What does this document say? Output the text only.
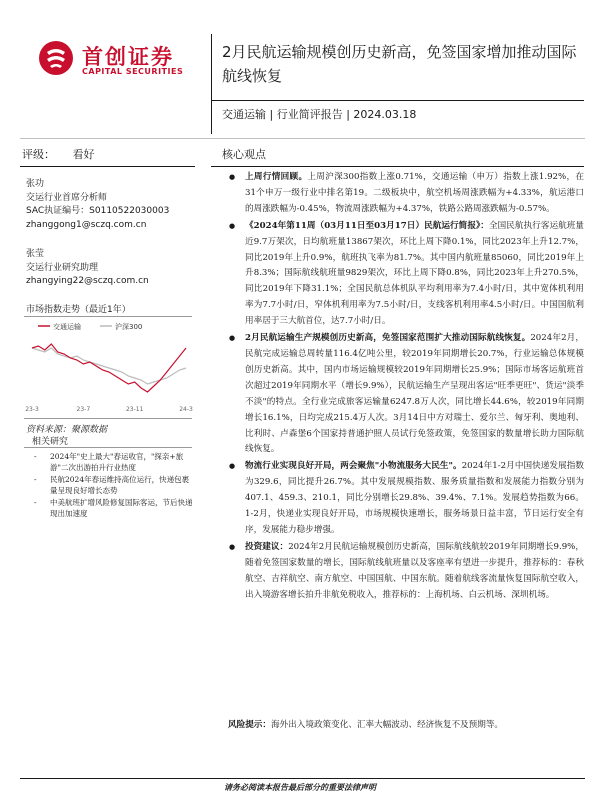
首创证券
CAPITAL SECURITIES
2月民航运输规模创历史新高，免签国家增加推动国际航线恢复
交通运输 | 行业简评报告 | 2024.03.18
评级： 看好
张功
交运行业首席分析师
SAC执证编号：S0110522030003
zhanggong1@sczq.com.cn
张莹
交运行业研究助理
zhangying22@sczq.com.cn
市场指数走势（最近1年）
交通运输	沪深300
23-3	23-7	23-11	24-3
资料来源：聚源数据
相关研究
- 2024年"史上最大"春运收官，"探亲+旅游"二次出游拍升行业热度
- 民航2024年春运维持高位运行，快递包裹量呈现良好增长态势
- 中美航班扩增风险修复国际客运，节后快递现出加速度
核心观点
● 上周行情回顾。上周沪深300指数上涨0.71%，交通运输（申万）指数上涨1.92%，在31个申万一级行业中排名第19。二级板块中，航空机场周涨跌幅为+4.33%，航运港口的周涨跌幅为-0.45%，物流周涨跌幅为+4.37%，铁路公路周涨跌幅为-0.57%。
● 《2024年第11周（03月11日至03月17日）民航运行简报》：全国民航执行客运航班量近9.7万架次，日均航班量13867架次，环比上周下降0.1%，同比2023年上升12.7%，同比2019年上升0.9%，航班执飞率为81.7%。其中国内航班量85060，同比2019年上升8.3%；国际航线航班量9829架次，环比上周下降0.8%，同比2023年上升270.5%，同比2019年下降31.1%；全国民航总体机队平均利用率为7.4小时/日，其中宽体机利用率为7.7小时/日，窄体机利用率为7.5小时/日，支线客机利用率4.5小时/日。中国国航利用率居于三大航首位，达7.7小时/日。
● 2月民航运输生产规模创历史新高，免签国家范围扩大推动国际航线恢复。2024年2月，民航完成运输总周转量116.4亿吨公里，较2019年同期增长20.7%，行业运输总体规模创历史新高。其中，国内市场运输规模较2019年同期增长25.9%；国际市场客运航班首次超过2019年同期水平（增长9.9%），民航运输生产呈现出客运"旺季更旺"、货运"淡季不淡"的特点。全行业完成旅客运输量6247.8万人次，同比增长44.6%，较2019年同期增长16.1%，日均完成215.4万人次。3月14日中方对瑞士、爱尔兰、匈牙利、奥地利、比利时、卢森堡6个国家持普通护照人员试行免签政策，免签国家的数量增长助力国际航线恢复。
● 物流行业实现良好开局，两会聚焦"小物流服务大民生"。2024年1-2月中国快递发展指数为329.6，同比提升26.7%。其中发展规模指数、服务质量指数和发展能力指数分别为407.1、459.3、210.1，同比分别增长29.8%、39.4%、7.1%。发展趋势指数为66。1-2月，快递业实现良好开局，市场规模快速增长，服务场景日益丰富，节日运行安全有序，发展能力稳步增强。
● 投资建议：2024年2月民航运输规模创历史新高，国际航线航较2019年同期增长9.9%，随着免签国家数量的增长，国际航线航班量以及客座率有望进一步提升，推荐标的：春秋航空、吉祥航空、南方航空、中国国航、中国东航。随着航线客流量恢复国际航空收入，出入境游客增长拍升非航免税收入，推荐标的：上海机场、白云机场、深圳机场。
风险提示：海外出入境政策变化、汇率大幅波动、经济恢复不及预期等。
请务必阅读本报告最后部分的重要法律声明
